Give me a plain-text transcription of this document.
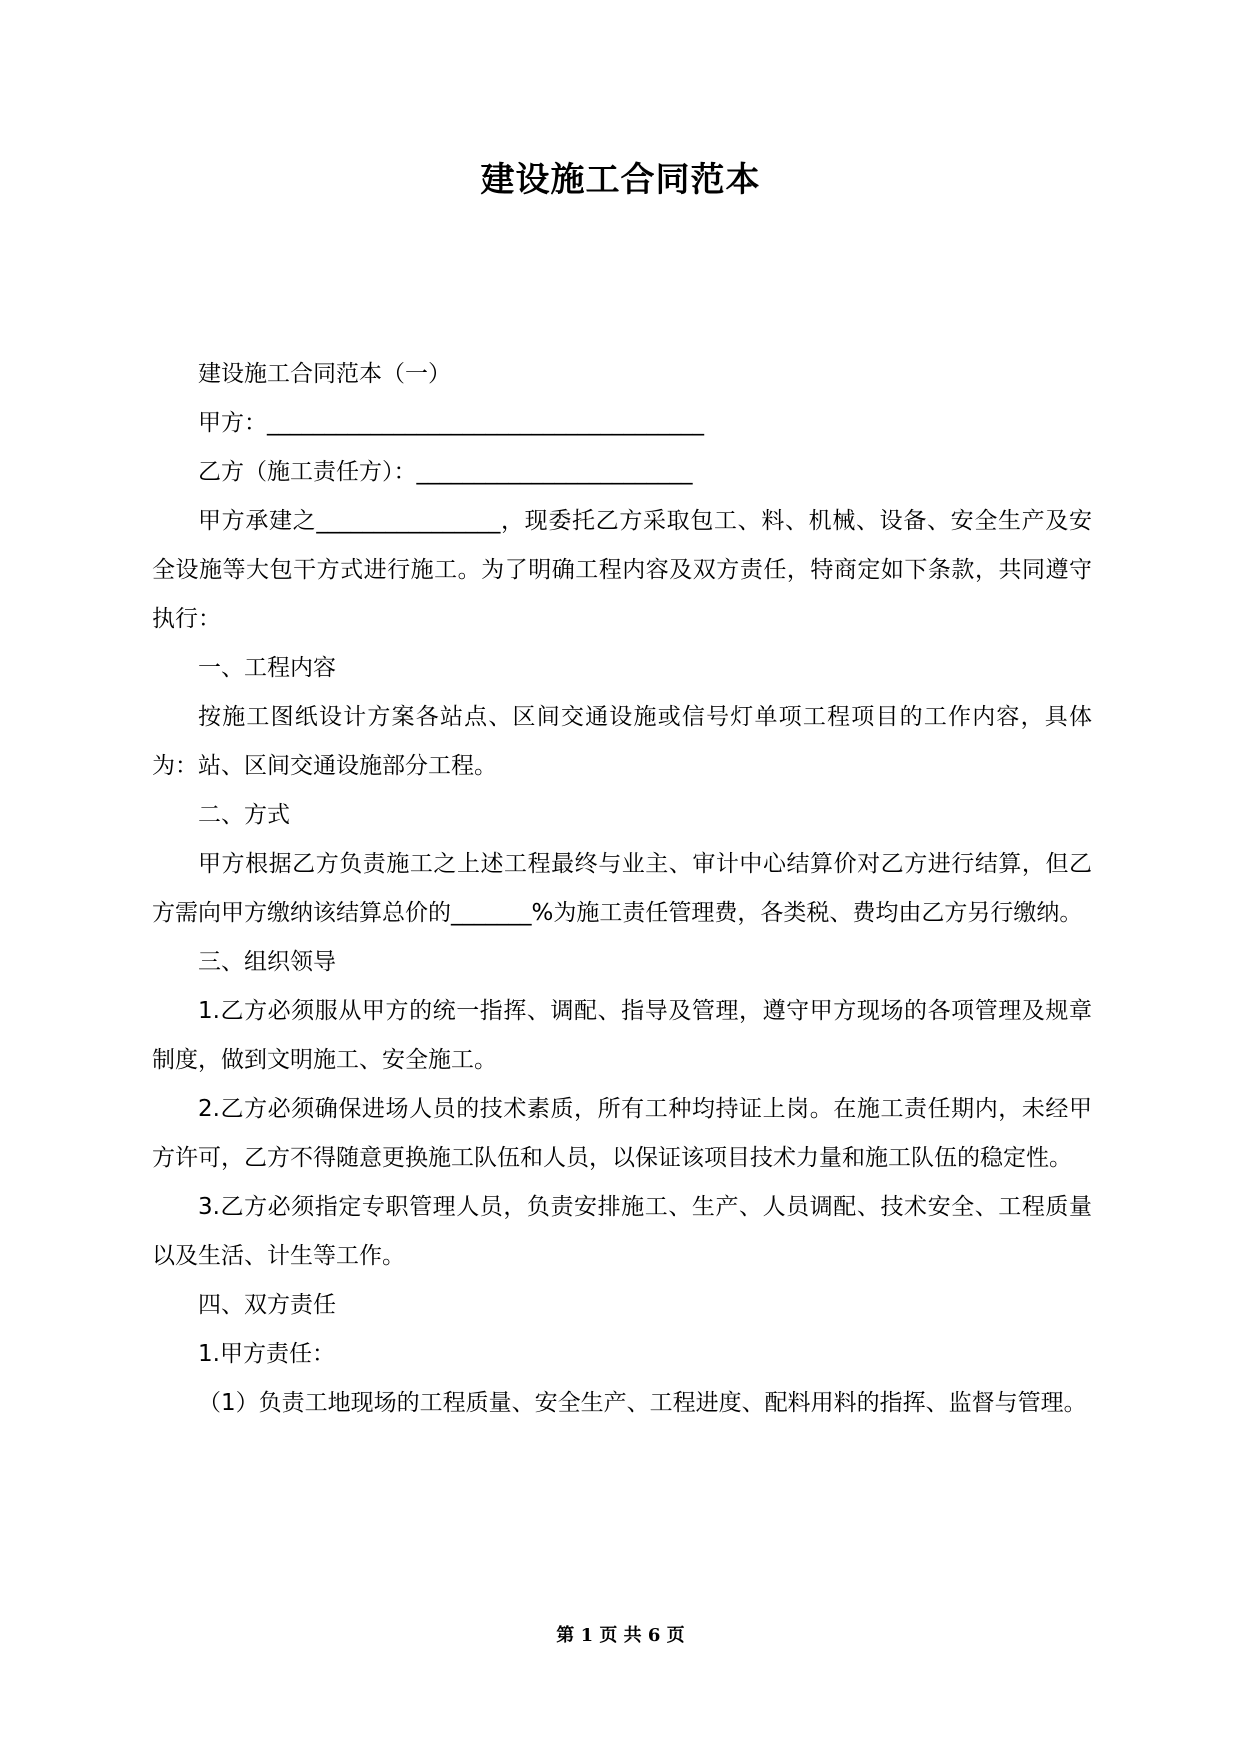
建设施工合同范本

建设施工合同范本（一）

甲方：______________________________________

乙方（施工责任方）：________________________

甲方承建之________________，现委托乙方采取包工、料、机械、设备、安全生产及安全设施等大包干方式进行施工。为了明确工程内容及双方责任，特商定如下条款，共同遵守执行：

一、工程内容

按施工图纸设计方案各站点、区间交通设施或信号灯单项工程项目的工作内容，具体为：站、区间交通设施部分工程。

二、方式

甲方根据乙方负责施工之上述工程最终与业主、审计中心结算价对乙方进行结算，但乙方需向甲方缴纳该结算总价的_______%为施工责任管理费，各类税、费均由乙方另行缴纳。

三、组织领导

1.乙方必须服从甲方的统一指挥、调配、指导及管理，遵守甲方现场的各项管理及规章制度，做到文明施工、安全施工。

2.乙方必须确保进场人员的技术素质，所有工种均持证上岗。在施工责任期内，未经甲方许可，乙方不得随意更换施工队伍和人员，以保证该项目技术力量和施工队伍的稳定性。

3.乙方必须指定专职管理人员，负责安排施工、生产、人员调配、技术安全、工程质量以及生活、计生等工作。

四、双方责任

1.甲方责任：

（1）负责工地现场的工程质量、安全生产、工程进度、配料用料的指挥、监督与管理。

第 1 页 共 6 页
